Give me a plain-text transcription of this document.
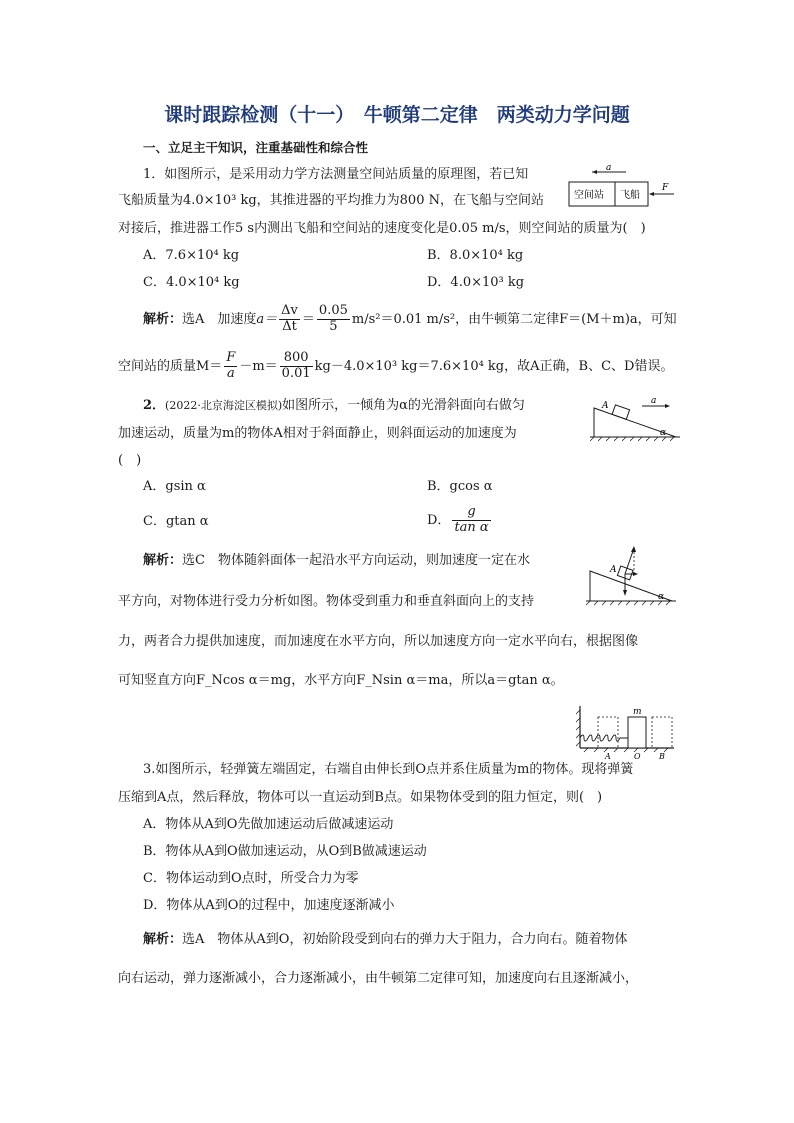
课时跟踪检测（十一）　牛顿第二定律　两类动力学问题
一、立足主干知识，注重基础性和综合性
1．如图所示，是采用动力学方法测量空间站质量的原理图，若已知
飞船质量为4.0×10³ kg，其推进器的平均推力为800 N，在飞船与空间站
对接后，推进器工作5 s内测出飞船和空间站的速度变化是0.05 m/s，则空间站的质量为(　)
a
空间站 飞船
F
A．7.6×10⁴ kg	B．8.0×10⁴ kg
C．4.0×10⁴ kg	D．4.0×10³ kg
解析： 选A　加速度 $a= \frac{\Delta v}{\Delta t} = \frac{0.05}{5} m/s^2=0.01$ m/s²，由牛顿第二定律F＝(M＋m)a，可知
空间站的质量$M= \frac{F}{a} -m= \frac{800}{0.01} kg-4.0\times 10^3$ kg＝7.6×10⁴ kg，故A正确，B、C、D错误。
2．(2022·北京海淀区模拟)如图所示，一倾角为α的光滑斜面向右做匀
加速运动，质量为m的物体A相对于斜面静止，则斜面运动的加速度为
(　)
A	a
α
A．gsin α	B．gcos α
C．gtan α	D． $\frac{g}{\text{tan α}}$
解析：选C　物体随斜面体一起沿水平方向运动，则加速度一定在水
平方向，对物体进行受力分析如图。物体受到重力和垂直斜面向上的支持
力，两者合力提供加速度，而加速度在水平方向，所以加速度方向一定水平向右，根据图像
可知竖直方向F_Ncos α＝mg，水平方向F_Nsin α＝ma，所以a＝gtan α。
A
α
m
A	O B
3.如图所示，轻弹簧左端固定，右端自由伸长到O点并系住质量为m的物体。现将弹簧
压缩到A点，然后释放，物体可以一直运动到B点。如果物体受到的阻力恒定，则(　)
A．物体从A到O先做加速运动后做减速运动
B．物体从A到O做加速运动，从O到B做减速运动
C．物体运动到O点时，所受合力为零
D．物体从A到O的过程中，加速度逐渐减小
解析：选A　物体从A到O，初始阶段受到向右的弹力大于阻力，合力向右。随着物体
向右运动，弹力逐渐减小，合力逐渐减小，由牛顿第二定律可知，加速度向右且逐渐减小，
